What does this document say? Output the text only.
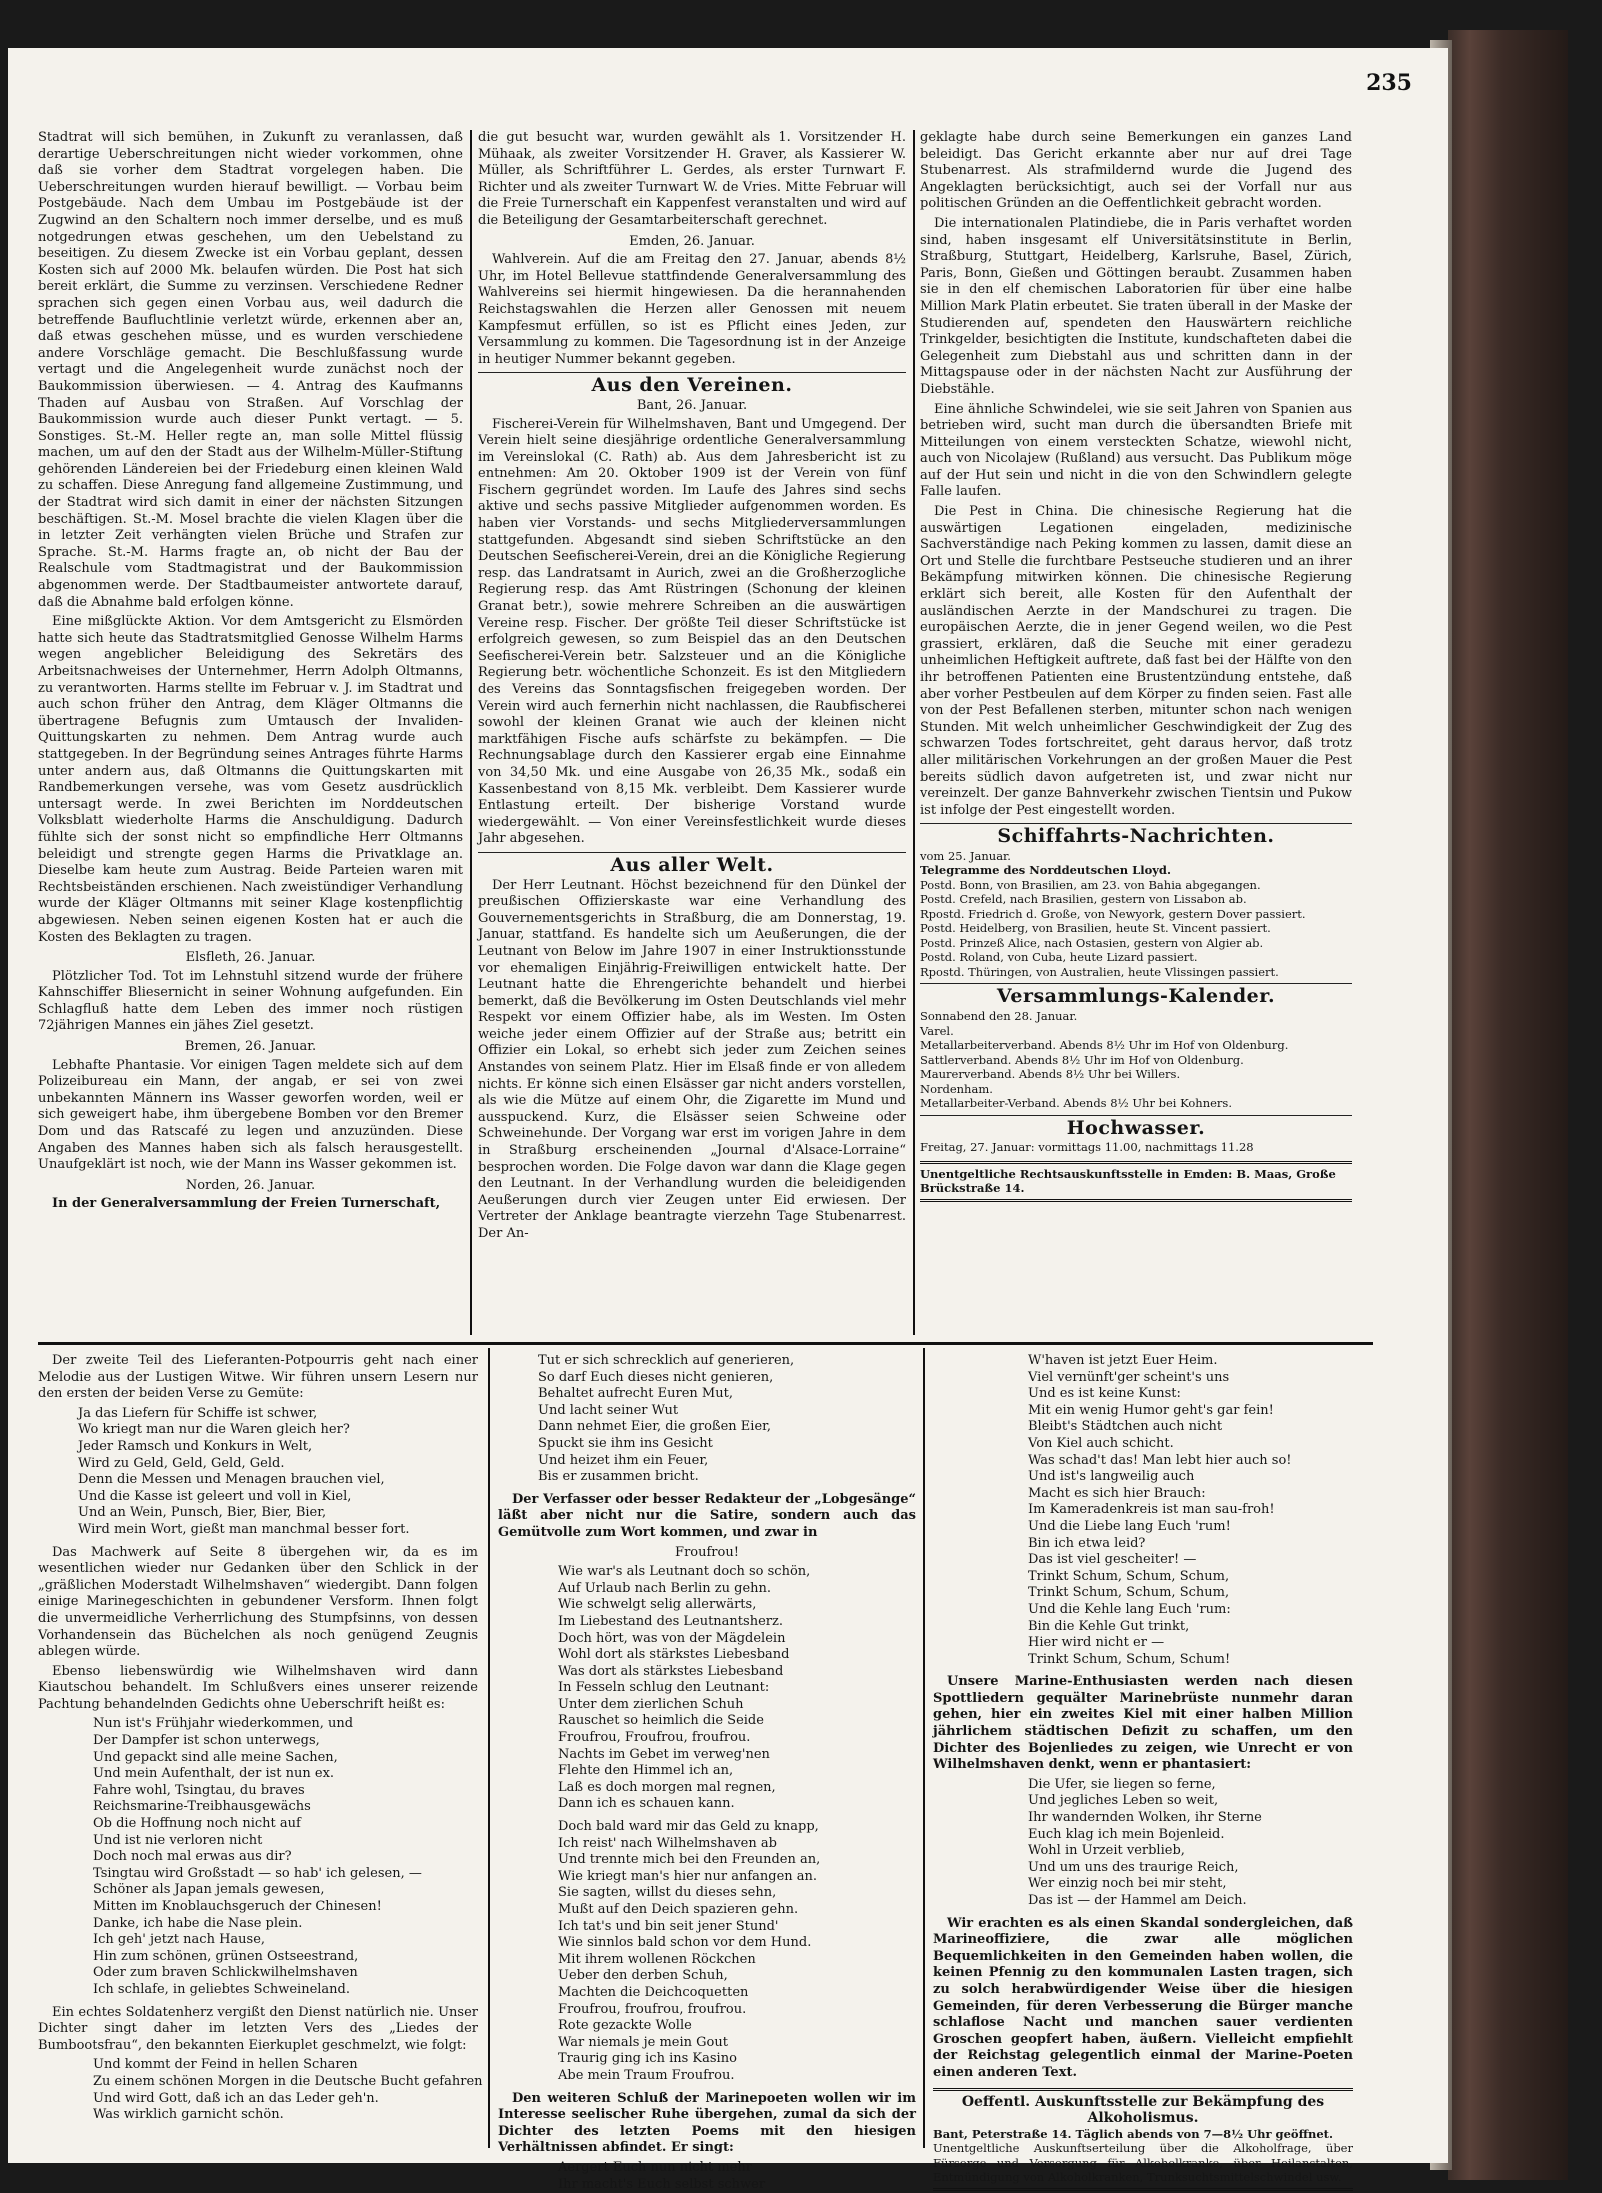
235

Stadtrat will sich bemühen, in Zukunft zu veranlassen, daß derartige Ueberschreitungen nicht wieder vorkommen, ohne daß sie vorher dem Stadtrat vorgelegen haben. Die Ueberschreitungen wurden hierauf bewilligt. — Vorbau beim Postgebäude. Nach dem Umbau im Postgebäude ist der Zugwind an den Schaltern noch immer derselbe, und es muß notgedrungen etwas geschehen, um den Uebelstand zu beseitigen. Zu diesem Zwecke ist ein Vorbau geplant, dessen Kosten sich auf 2000 Mk. belaufen würden. Die Post hat sich bereit erklärt, die Summe zu verzinsen. Verschiedene Redner sprachen sich gegen einen Vorbau aus, weil dadurch die betreffende Baufluchtlinie verletzt würde, erkennen aber an, daß etwas geschehen müsse, und es wurden verschiedene andere Vorschläge gemacht. Die Beschlußfassung wurde vertagt und die Angelegenheit wurde zunächst noch der Baukommission überwiesen. — 4. Antrag des Kaufmanns Thaden auf Ausbau von Straßen. Auf Vorschlag der Baukommission wurde auch dieser Punkt vertagt. — 5. Sonstiges. St.-M. Heller regte an, man solle Mittel flüssig machen, um auf den der Stadt aus der Wilhelm-Müller-Stiftung gehörenden Ländereien bei der Friedeburg einen kleinen Wald zu schaffen. Diese Anregung fand allgemeine Zustimmung, und der Stadtrat wird sich damit in einer der nächsten Sitzungen beschäftigen. St.-M. Mosel brachte die vielen Klagen über die in letzter Zeit verhängten vielen Brüche und Strafen zur Sprache. St.-M. Harms fragte an, ob nicht der Bau der Realschule vom Stadtmagistrat und der Baukommission abgenommen werde. Der Stadtbaumeister antwortete darauf, daß die Abnahme bald erfolgen könne.

Eine mißglückte Aktion. Vor dem Amtsgericht zu Elsmörden hatte sich heute das Stadtratsmitglied Genosse Wilhelm Harms wegen angeblicher Beleidigung des Sekretärs des Arbeitsnachweises der Unternehmer, Herrn Adolph Oltmanns, zu verantworten. Harms stellte im Februar v. J. im Stadtrat und auch schon früher den Antrag, dem Kläger Oltmanns die übertragene Befugnis zum Umtausch der Invaliden-Quittungskarten zu nehmen. Dem Antrag wurde auch stattgegeben. In der Begründung seines Antrages führte Harms unter andern aus, daß Oltmanns die Quittungskarten mit Randbemerkungen versehe, was vom Gesetz ausdrücklich untersagt werde. In zwei Berichten im Norddeutschen Volksblatt wiederholte Harms die Anschuldigung. Dadurch fühlte sich der sonst nicht so empfindliche Herr Oltmanns beleidigt und strengte gegen Harms die Privatklage an. Dieselbe kam heute zum Austrag. Beide Parteien waren mit Rechtsbeiständen erschienen. Nach zweistündiger Verhandlung wurde der Kläger Oltmanns mit seiner Klage kostenpflichtig abgewiesen. Neben seinen eigenen Kosten hat er auch die Kosten des Beklagten zu tragen.

Elsfleth, 26. Januar.

Plötzlicher Tod. Tot im Lehnstuhl sitzend wurde der frühere Kahnschiffer Bliesernicht in seiner Wohnung aufgefunden. Ein Schlagfluß hatte dem Leben des immer noch rüstigen 72jährigen Mannes ein jähes Ziel gesetzt.

Bremen, 26. Januar.

Lebhafte Phantasie. Vor einigen Tagen meldete sich auf dem Polizeibureau ein Mann, der angab, er sei von zwei unbekannten Männern ins Wasser geworfen worden, weil er sich geweigert habe, ihm übergebene Bomben vor den Bremer Dom und das Ratscafé zu legen und anzuzünden. Diese Angaben des Mannes haben sich als falsch herausgestellt. Unaufgeklärt ist noch, wie der Mann ins Wasser gekommen ist.

Norden, 26. Januar.

In der Generalversammlung der Freien Turnerschaft,

die gut besucht war, wurden gewählt als 1. Vorsitzender H. Mühaak, als zweiter Vorsitzender H. Graver, als Kassierer W. Müller, als Schriftführer L. Gerdes, als erster Turnwart F. Richter und als zweiter Turnwart W. de Vries. Mitte Februar will die Freie Turnerschaft ein Kappenfest veranstalten und wird auf die Beteiligung der Gesamtarbeiterschaft gerechnet.

Emden, 26. Januar.

Wahlverein. Auf die am Freitag den 27. Januar, abends 8½ Uhr, im Hotel Bellevue stattfindende Generalversammlung des Wahlvereins sei hiermit hingewiesen. Da die herannahenden Reichstagswahlen die Herzen aller Genossen mit neuem Kampfesmut erfüllen, so ist es Pflicht eines Jeden, zur Versammlung zu kommen. Die Tagesordnung ist in der Anzeige in heutiger Nummer bekannt gegeben.

Aus den Vereinen.
Bant, 26. Januar.

Fischerei-Verein für Wilhelmshaven, Bant und Umgegend. Der Verein hielt seine diesjährige ordentliche Generalversammlung im Vereinslokal (C. Rath) ab. Aus dem Jahresbericht ist zu entnehmen: Am 20. Oktober 1909 ist der Verein von fünf Fischern gegründet worden. Im Laufe des Jahres sind sechs aktive und sechs passive Mitglieder aufgenommen worden. Es haben vier Vorstands- und sechs Mitgliederversammlungen stattgefunden. Abgesandt sind sieben Schriftstücke an den Deutschen Seefischerei-Verein, drei an die Königliche Regierung resp. das Landratsamt in Aurich, zwei an die Großherzogliche Regierung resp. das Amt Rüstringen (Schonung der kleinen Granat betr.), sowie mehrere Schreiben an die auswärtigen Vereine resp. Fischer. Der größte Teil dieser Schriftstücke ist erfolgreich gewesen, so zum Beispiel das an den Deutschen Seefischerei-Verein betr. Salzsteuer und an die Königliche Regierung betr. wöchentliche Schonzeit. Es ist den Mitgliedern des Vereins das Sonntagsfischen freigegeben worden. Der Verein wird auch fernerhin nicht nachlassen, die Raubfischerei sowohl der kleinen Granat wie auch der kleinen nicht marktfähigen Fische aufs schärfste zu bekämpfen. — Die Rechnungsablage durch den Kassierer ergab eine Einnahme von 34,50 Mk. und eine Ausgabe von 26,35 Mk., sodaß ein Kassenbestand von 8,15 Mk. verbleibt. Dem Kassierer wurde Entlastung erteilt. Der bisherige Vorstand wurde wiedergewählt. — Von einer Vereinsfestlichkeit wurde dieses Jahr abgesehen.

Aus aller Welt.

Der Herr Leutnant. Höchst bezeichnend für den Dünkel der preußischen Offizierskaste war eine Verhandlung des Gouvernementsgerichts in Straßburg, die am Donnerstag, 19. Januar, stattfand. Es handelte sich um Aeußerungen, die der Leutnant von Below im Jahre 1907 in einer Instruktionsstunde vor ehemaligen Einjährig-Freiwilligen entwickelt hatte. Der Leutnant hatte die Ehrengerichte behandelt und hierbei bemerkt, daß die Bevölkerung im Osten Deutschlands viel mehr Respekt vor einem Offizier habe, als im Westen. Im Osten weiche jeder einem Offizier auf der Straße aus; betritt ein Offizier ein Lokal, so erhebt sich jeder zum Zeichen seines Anstandes von seinem Platz. Hier im Elsaß finde er von alledem nichts. Er könne sich einen Elsässer gar nicht anders vorstellen, als wie die Mütze auf einem Ohr, die Zigarette im Mund und ausspuckend. Kurz, die Elsässer seien Schweine oder Schweinehunde. Der Vorgang war erst im vorigen Jahre in dem in Straßburg erscheinenden „Journal d'Alsace-Lorraine“ besprochen worden. Die Folge davon war dann die Klage gegen den Leutnant. In der Verhandlung wurden die beleidigenden Aeußerungen durch vier Zeugen unter Eid erwiesen. Der Vertreter der Anklage beantragte vierzehn Tage Stubenarrest. Der An-

geklagte habe durch seine Bemerkungen ein ganzes Land beleidigt. Das Gericht erkannte aber nur auf drei Tage Stubenarrest. Als strafmildernd wurde die Jugend des Angeklagten berücksichtigt, auch sei der Vorfall nur aus politischen Gründen an die Oeffentlichkeit gebracht worden.

Die internationalen Platindiebe, die in Paris verhaftet worden sind, haben insgesamt elf Universitätsinstitute in Berlin, Straßburg, Stuttgart, Heidelberg, Karlsruhe, Basel, Zürich, Paris, Bonn, Gießen und Göttingen beraubt. Zusammen haben sie in den elf chemischen Laboratorien für über eine halbe Million Mark Platin erbeutet. Sie traten überall in der Maske der Studierenden auf, spendeten den Hauswärtern reichliche Trinkgelder, besichtigten die Institute, kundschafteten dabei die Gelegenheit zum Diebstahl aus und schritten dann in der Mittagspause oder in der nächsten Nacht zur Ausführung der Diebstähle.

Eine ähnliche Schwindelei, wie sie seit Jahren von Spanien aus betrieben wird, sucht man durch die übersandten Briefe mit Mitteilungen von einem versteckten Schatze, wiewohl nicht, auch von Nicolajew (Rußland) aus versucht. Das Publikum möge auf der Hut sein und nicht in die von den Schwindlern gelegte Falle laufen.

Die Pest in China. Die chinesische Regierung hat die auswärtigen Legationen eingeladen, medizinische Sachverständige nach Peking kommen zu lassen, damit diese an Ort und Stelle die furchtbare Pestseuche studieren und an ihrer Bekämpfung mitwirken können. Die chinesische Regierung erklärt sich bereit, alle Kosten für den Aufenthalt der ausländischen Aerzte in der Mandschurei zu tragen. Die europäischen Aerzte, die in jener Gegend weilen, wo die Pest grassiert, erklären, daß die Seuche mit einer geradezu unheimlichen Heftigkeit auftrete, daß fast bei der Hälfte von den ihr betroffenen Patienten eine Brustentzündung entstehe, daß aber vorher Pestbeulen auf dem Körper zu finden seien. Fast alle von der Pest Befallenen sterben, mitunter schon nach wenigen Stunden. Mit welch unheimlicher Geschwindigkeit der Zug des schwarzen Todes fortschreitet, geht daraus hervor, daß trotz aller militärischen Vorkehrungen an der großen Mauer die Pest bereits südlich davon aufgetreten ist, und zwar nicht nur vereinzelt. Der ganze Bahnverkehr zwischen Tientsin und Pukow ist infolge der Pest eingestellt worden.

Schiffahrts-Nachrichten.
vom 25. Januar.
Telegramme des Norddeutschen Lloyd.
Postd. Bonn, von Brasilien, am 23. von Bahia abgegangen.
Postd. Crefeld, nach Brasilien, gestern von Lissabon ab.
Rpostd. Friedrich d. Große, von Newyork, gestern Dover passiert.
Postd. Heidelberg, von Brasilien, heute St. Vincent passiert.
Postd. Prinzeß Alice, nach Ostasien, gestern von Algier ab.
Postd. Roland, von Cuba, heute Lizard passiert.
Rpostd. Thüringen, von Australien, heute Vlissingen passiert.
Versammlungs-Kalender.
Sonnabend den 28. Januar.
Varel.
Metallarbeiterverband. Abends 8½ Uhr im Hof von Oldenburg.
Sattlerverband. Abends 8½ Uhr im Hof von Oldenburg.
Maurerverband. Abends 8½ Uhr bei Willers.
Nordenham.
Metallarbeiter-Verband. Abends 8½ Uhr bei Kohners.
Hochwasser.
Freitag, 27. Januar: vormittags 11.00, nachmittags 11.28
Unentgeltliche Rechtsauskunftsstelle in Emden: B. Maas, Große Brückstraße 14.

Der zweite Teil des Lieferanten-Potpourris geht nach einer Melodie aus der Lustigen Witwe. Wir führen unsern Lesern nur den ersten der beiden Verse zu Gemüte:

Ja das Liefern für Schiffe ist schwer,
Wo kriegt man nur die Waren gleich her?
Jeder Ramsch und Konkurs in Welt,
Wird zu Geld, Geld, Geld, Geld.
Denn die Messen und Menagen brauchen viel,
Und die Kasse ist geleert und voll in Kiel,
Und an Wein, Punsch, Bier, Bier, Bier,
Wird mein Wort, gießt man manchmal besser fort.

Das Machwerk auf Seite 8 übergehen wir, da es im wesentlichen wieder nur Gedanken über den Schlick in der „gräßlichen Moderstadt Wilhelmshaven“ wiedergibt. Dann folgen einige Marinegeschichten in gebundener Versform. Ihnen folgt die unvermeidliche Verherrlichung des Stumpfsinns, von dessen Vorhandensein das Büchelchen als noch genügend Zeugnis ablegen würde.

Ebenso liebenswürdig wie Wilhelmshaven wird dann Kiautschou behandelt. Im Schlußvers eines unserer reizende Pachtung behandelnden Gedichts ohne Ueberschrift heißt es:

Nun ist's Frühjahr wiederkommen, und
Der Dampfer ist schon unterwegs,
Und gepackt sind alle meine Sachen,
Und mein Aufenthalt, der ist nun ex.
Fahre wohl, Tsingtau, du braves
Reichsmarine-Treibhausgewächs
Ob die Hoffnung noch nicht auf
Und ist nie verloren nicht
Doch noch mal erwas aus dir?
Tsingtau wird Großstadt — so hab' ich gelesen, —
Schöner als Japan jemals gewesen,
Mitten im Knoblauchsgeruch der Chinesen!
Danke, ich habe die Nase plein.
Ich geh' jetzt nach Hause,
Hin zum schönen, grünen Ostseestrand,
Oder zum braven Schlickwilhelmshaven
Ich schlafe, in geliebtes Schweineland.

Ein echtes Soldatenherz vergißt den Dienst natürlich nie. Unser Dichter singt daher im letzten Vers des „Liedes der Bumbootsfrau“, den bekannten Eierkuplet geschmelzt, wie folgt:

Und kommt der Feind in hellen Scharen
Zu einem schönen Morgen in die Deutsche Bucht gefahren
Und wird Gott, daß ich an das Leder geh'n.
Was wirklich garnicht schön.
Tut er sich schrecklich auf generieren,
So darf Euch dieses nicht genieren,
Behaltet aufrecht Euren Mut,
Und lacht seiner Wut
Dann nehmet Eier, die großen Eier,
Spuckt sie ihm ins Gesicht
Und heizet ihm ein Feuer,
Bis er zusammen bricht.

Der Verfasser oder besser Redakteur der „Lobgesänge“ läßt aber nicht nur die Satire, sondern auch das Gemütvolle zum Wort kommen, und zwar in

Froufrou!
Wie war's als Leutnant doch so schön,
Auf Urlaub nach Berlin zu gehn.
Wie schwelgt selig allerwärts,
Im Liebestand des Leutnantsherz.
Doch hört, was von der Mägdelein
Wohl dort als stärkstes Liebesband
Was dort als stärkstes Liebesband
In Fesseln schlug den Leutnant:
Unter dem zierlichen Schuh
Rauschet so heimlich die Seide
Froufrou, Froufrou, froufrou.
Nachts im Gebet im verweg'nen
Flehte den Himmel ich an,
Laß es doch morgen mal regnen,
Dann ich es schauen kann.
Doch bald ward mir das Geld zu knapp,
Ich reist' nach Wilhelmshaven ab
Und trennte mich bei den Freunden an,
Wie kriegt man's hier nur anfangen an.
Sie sagten, willst du dieses sehn,
Mußt auf den Deich spazieren gehn.
Ich tat's und bin seit jener Stund'
Wie sinnlos bald schon vor dem Hund.
Mit ihrem wollenen Röckchen
Ueber den derben Schuh,
Machten die Deichcoquetten
Froufrou, froufrou, froufrou.
Rote gezackte Wolle
War niemals je mein Gout
Traurig ging ich ins Kasino
Abe mein Traum Froufrou.

Den weiteren Schluß der Marinepoeten wollen wir im Interesse seelischer Ruhe übergehen, zumal da sich der Dichter des letzten Poems mit den hiesigen Verhältnissen abfindet. Er singt:

Aergert Euch nun nicht mehr
Ihr macht's Euch selbst schwer
W'haven ist jetzt Euer Heim.
Viel vernünft'ger scheint's uns
Und es ist keine Kunst:
Mit ein wenig Humor geht's gar fein!
Bleibt's Städtchen auch nicht
Von Kiel auch schicht.
Was schad't das! Man lebt hier auch so!
Und ist's langweilig auch
Macht es sich hier Brauch:
Im Kameradenkreis ist man sau-froh!
Und die Liebe lang Euch 'rum!
Bin ich etwa leid?
Das ist viel gescheiter! —
Trinkt Schum, Schum, Schum,
Trinkt Schum, Schum, Schum,
Und die Kehle lang Euch 'rum:
Bin die Kehle Gut trinkt,
Hier wird nicht er —
Trinkt Schum, Schum, Schum!

Unsere Marine-Enthusiasten werden nach diesen Spottliedern gequälter Marinebrüste nunmehr daran gehen, hier ein zweites Kiel mit einer halben Million jährlichem städtischen Defizit zu schaffen, um den Dichter des Bojenliedes zu zeigen, wie Unrecht er von Wilhelmshaven denkt, wenn er phantasiert:

Die Ufer, sie liegen so ferne,
Und jegliches Leben so weit,
Ihr wandernden Wolken, ihr Sterne
Euch klag ich mein Bojenleid.
Wohl in Urzeit verblieb,
Und um uns des traurige Reich,
Wer einzig noch bei mir steht,
Das ist — der Hammel am Deich.

Wir erachten es als einen Skandal sondergleichen, daß Marineoffiziere, die zwar alle möglichen Bequemlichkeiten in den Gemeinden haben wollen, die keinen Pfennig zu den kommunalen Lasten tragen, sich zu solch herabwürdigender Weise über die hiesigen Gemeinden, für deren Verbesserung die Bürger manche schlaflose Nacht und manchen sauer verdienten Groschen geopfert haben, äußern. Vielleicht empfiehlt der Reichstag gelegentlich einmal der Marine-Poeten einen anderen Text.

Oeffentl. Auskunftsstelle zur Bekämpfung des Alkoholismus.
Bant, Peterstraße 14. Täglich abends von 7—8½ Uhr geöffnet.
Unentgeltliche Auskunftserteilung über die Alkoholfrage, über Fürsorge und Versorgung für Alkoholkranke, über Heilanstalten, Entmündigung von Alkoholkranken, Trunksuchtsmittelschwindel usw.
